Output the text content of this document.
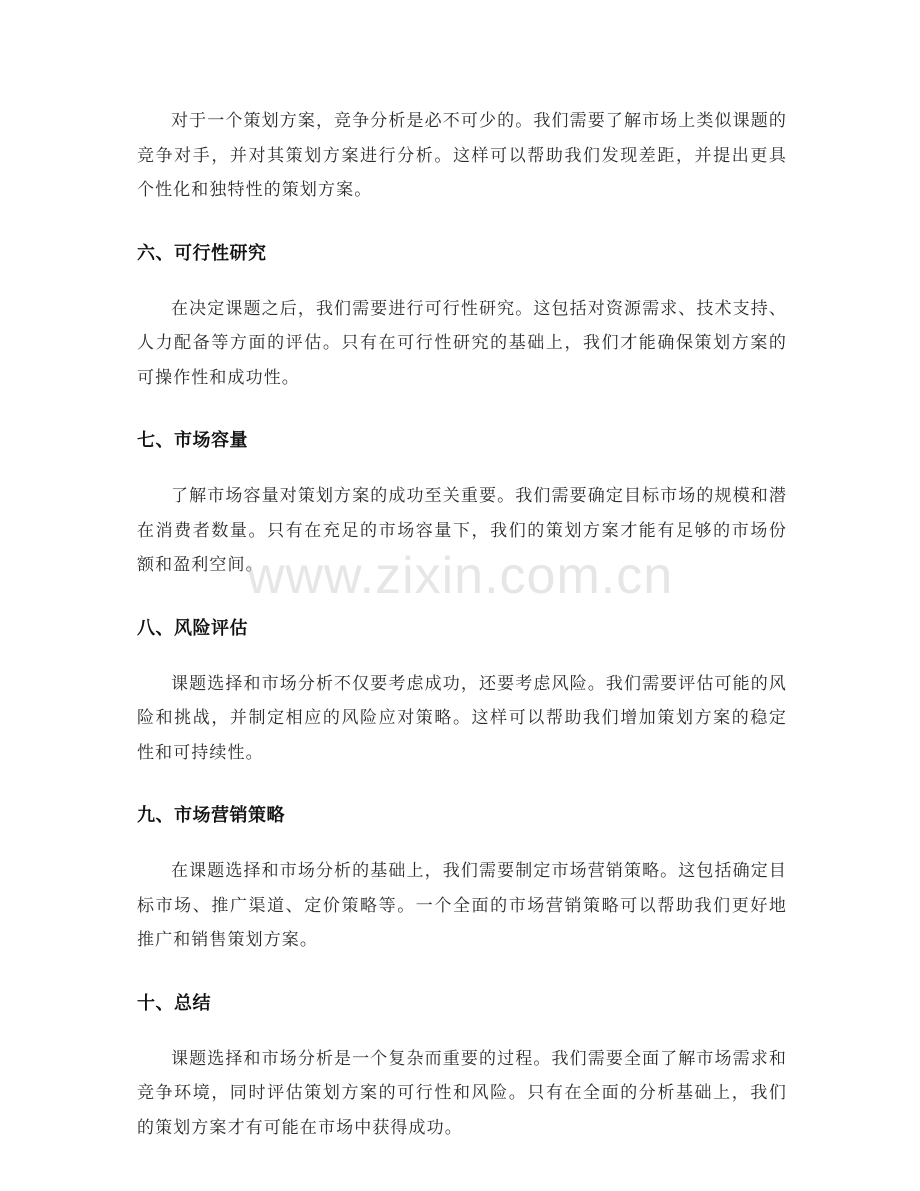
对于一个策划方案，竞争分析是必不可少的。我们需要了解市场上类似课题的竞争对手，并对其策划方案进行分析。这样可以帮助我们发现差距，并提出更具个性化和独特性的策划方案。

六、可行性研究

在决定课题之后，我们需要进行可行性研究。这包括对资源需求、技术支持、人力配备等方面的评估。只有在可行性研究的基础上，我们才能确保策划方案的可操作性和成功性。

七、市场容量

了解市场容量对策划方案的成功至关重要。我们需要确定目标市场的规模和潜在消费者数量。只有在充足的市场容量下，我们的策划方案才能有足够的市场份额和盈利空间。

八、风险评估

课题选择和市场分析不仅要考虑成功，还要考虑风险。我们需要评估可能的风险和挑战，并制定相应的风险应对策略。这样可以帮助我们增加策划方案的稳定性和可持续性。

九、市场营销策略

在课题选择和市场分析的基础上，我们需要制定市场营销策略。这包括确定目标市场、推广渠道、定价策略等。一个全面的市场营销策略可以帮助我们更好地推广和销售策划方案。

十、总结

课题选择和市场分析是一个复杂而重要的过程。我们需要全面了解市场需求和竞争环境，同时评估策划方案的可行性和风险。只有在全面的分析基础上，我们的策划方案才有可能在市场中获得成功。

www.zixin.com.cn
